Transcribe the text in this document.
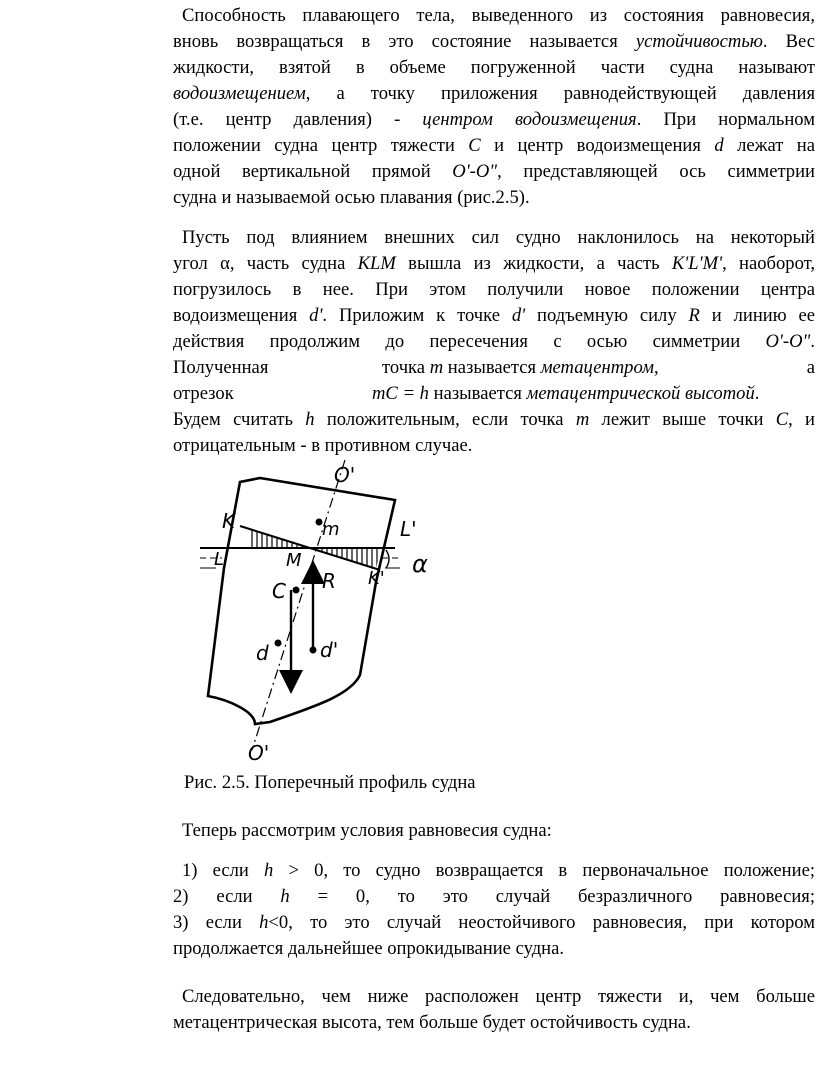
Способность плавающего тела, выведенного из состояния равновесия,
вновь возвращаться в это состояние называется устойчивостью. Вес
жидкости, взятой в объеме погруженной части судна называют
водоизмещением, а точку приложения равнодействующей давления
(т.е. центр давления) - центром водоизмещения. При нормальном
положении судна центр тяжести C и центр водоизмещения d лежат на
одной вертикальной прямой O'-O", представляющей ось симметрии
судна и называемой осью плавания (рис.2.5).
Пусть под влиянием внешних сил судно наклонилось на некоторый
угол α, часть судна KLM вышла из жидкости, а часть K'L'M', наоборот,
погрузилось в нее. При этом получили новое положении центра
водоизмещения d'. Приложим к точке d' подъемную силу R и линию ее
действия продолжим до пересечения с осью симметрии O'-O".
Полученная	точка m называется метацентром,	а
отрезок	mC = h называется метацентрической высотой.
Будем считать h положительным, если точка m лежит выше точки C, и
отрицательным - в противном случае.
Теперь рассмотрим условия равновесия судна:
1) если h > 0, то судно возвращается в первоначальное положение;
2) если h = 0, то это случай безразличного равновесия;
3) если h<0, то это случай неостойчивого равновесия, при котором
продолжается дальнейшее опрокидывание судна.
Следовательно, чем ниже расположен центр тяжести и, чем больше
метацентрическая высота, тем больше будет остойчивость судна.
O'
K	m	L'
L	M
K'
α
C R
d	d'
O'
Рис. 2.5. Поперечный профиль судна
